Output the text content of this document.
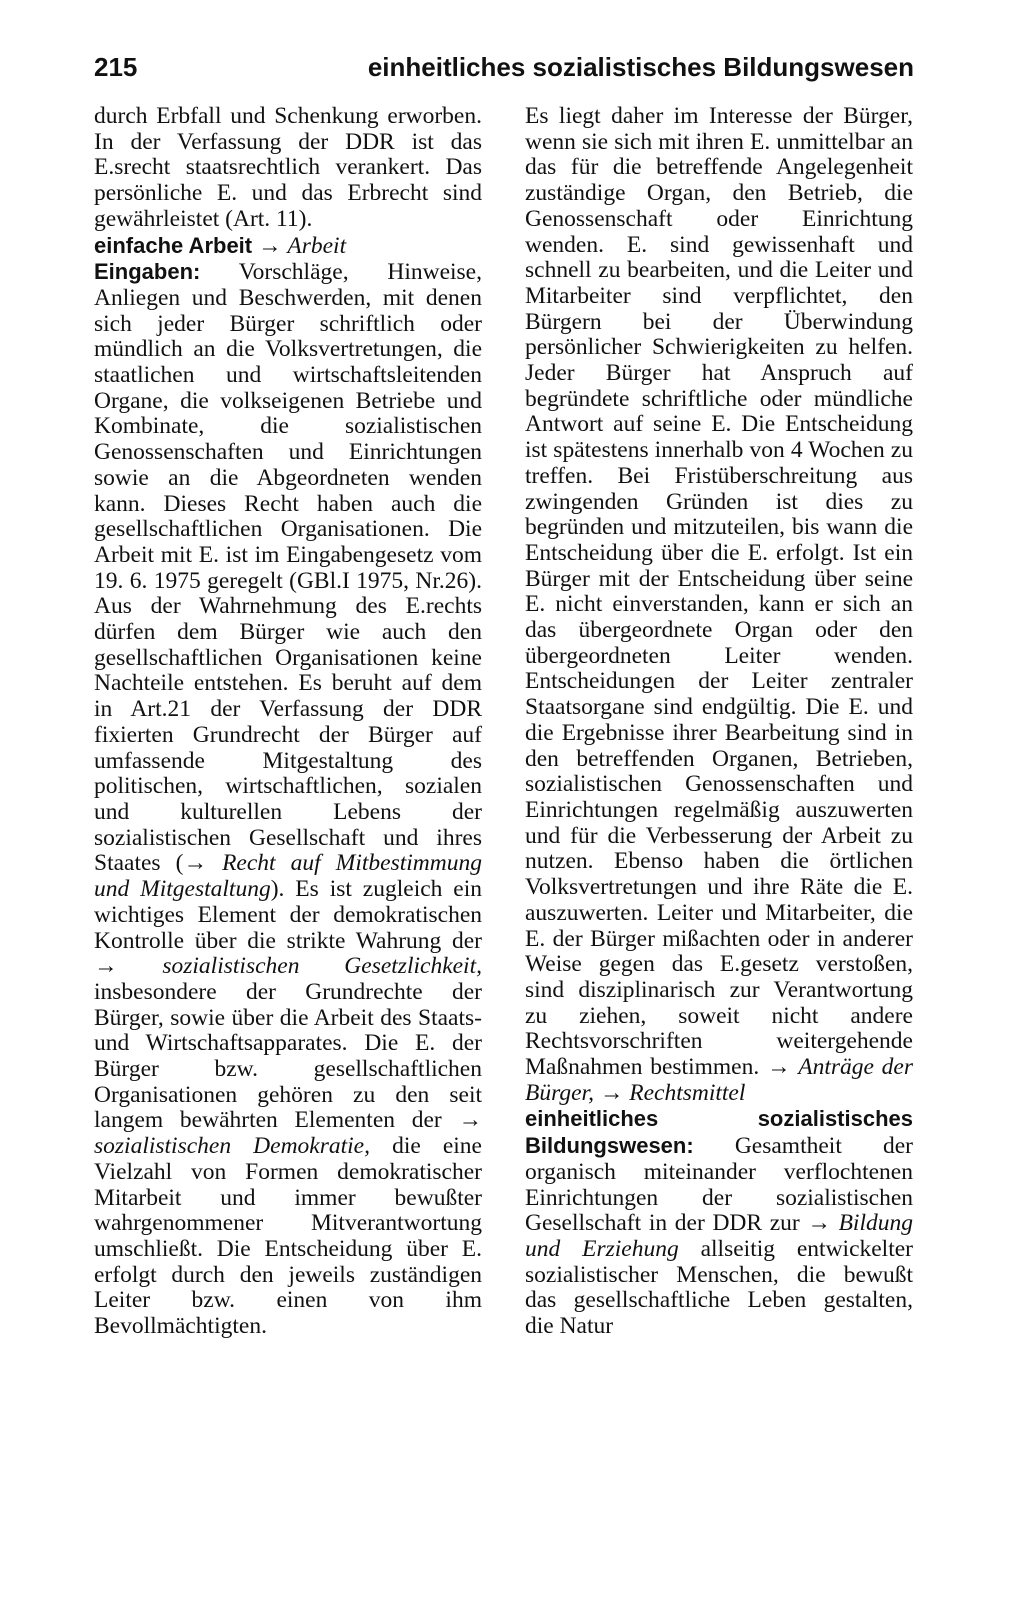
215	einheitliches sozialistisches Bildungswesen

durch Erbfall und Schenkung erworben. In der Verfassung der DDR ist das E.srecht staatsrechtlich verankert. Das persönliche E. und das Erbrecht sind gewährleistet (Art. 11).

einfache Arbeit → Arbeit

Eingaben: Vorschläge, Hinweise, Anliegen und Beschwerden, mit denen sich jeder Bürger schriftlich oder mündlich an die Volksvertretungen, die staatlichen und wirtschaftsleitenden Organe, die volkseigenen Betriebe und Kombinate, die sozialistischen Genossenschaften und Einrichtungen sowie an die Abgeordneten wenden kann. Dieses Recht haben auch die gesellschaftlichen Organisationen. Die Arbeit mit E. ist im Eingabengesetz vom 19. 6. 1975 geregelt (GBl.I 1975, Nr.26). Aus der Wahrnehmung des E.rechts dürfen dem Bürger wie auch den gesellschaftlichen Organisationen keine Nachteile entstehen. Es beruht auf dem in Art.21 der Verfassung der DDR fixierten Grundrecht der Bürger auf umfassende Mitgestaltung des politischen, wirtschaftlichen, sozialen und kulturellen Lebens der sozialistischen Gesellschaft und ihres Staates (→ Recht auf Mitbestimmung und Mitgestaltung). Es ist zugleich ein wichtiges Element der demokratischen Kontrolle über die strikte Wahrung der → sozialistischen Gesetzlichkeit, insbesondere der Grundrechte der Bürger, sowie über die Arbeit des Staats- und Wirtschaftsapparates. Die E. der Bürger bzw. gesellschaftlichen Organisationen gehören zu den seit langem bewährten Elementen der → sozialistischen Demokratie, die eine Vielzahl von Formen demokratischer Mitarbeit und immer bewußter wahrgenommener Mitverantwortung umschließt. Die Entscheidung über E. erfolgt durch den jeweils zuständigen Leiter bzw. einen von ihm Bevollmächtigten.

Es liegt daher im Interesse der Bürger, wenn sie sich mit ihren E. unmittelbar an das für die betreffende Angelegenheit zuständige Organ, den Betrieb, die Genossenschaft oder Einrichtung wenden. E. sind gewissenhaft und schnell zu bearbeiten, und die Leiter und Mitarbeiter sind verpflichtet, den Bürgern bei der Überwindung persönlicher Schwierigkeiten zu helfen. Jeder Bürger hat Anspruch auf begründete schriftliche oder mündliche Antwort auf seine E. Die Entscheidung ist spätestens innerhalb von 4 Wochen zu treffen. Bei Fristüberschreitung aus zwingenden Gründen ist dies zu begründen und mitzuteilen, bis wann die Entscheidung über die E. erfolgt. Ist ein Bürger mit der Entscheidung über seine E. nicht einverstanden, kann er sich an das übergeordnete Organ oder den übergeordneten Leiter wenden. Entscheidungen der Leiter zentraler Staatsorgane sind endgültig. Die E. und die Ergebnisse ihrer Bearbeitung sind in den betreffenden Organen, Betrieben, sozialistischen Genossenschaften und Einrichtungen regelmäßig auszuwerten und für die Verbesserung der Arbeit zu nutzen. Ebenso haben die örtlichen Volksvertretungen und ihre Räte die E. auszuwerten. Leiter und Mitarbeiter, die E. der Bürger mißachten oder in anderer Weise gegen das E.gesetz verstoßen, sind disziplinarisch zur Verantwortung zu ziehen, soweit nicht andere Rechtsvorschriften weitergehende Maßnahmen bestimmen. → Anträge der Bürger, → Rechtsmittel

einheitliches sozialistisches Bildungswesen: Gesamtheit der organisch miteinander verflochtenen Einrichtungen der sozialistischen Gesellschaft in der DDR zur → Bildung und Erziehung allseitig entwickelter sozialistischer Menschen, die bewußt das gesellschaftliche Leben gestalten, die Natur
